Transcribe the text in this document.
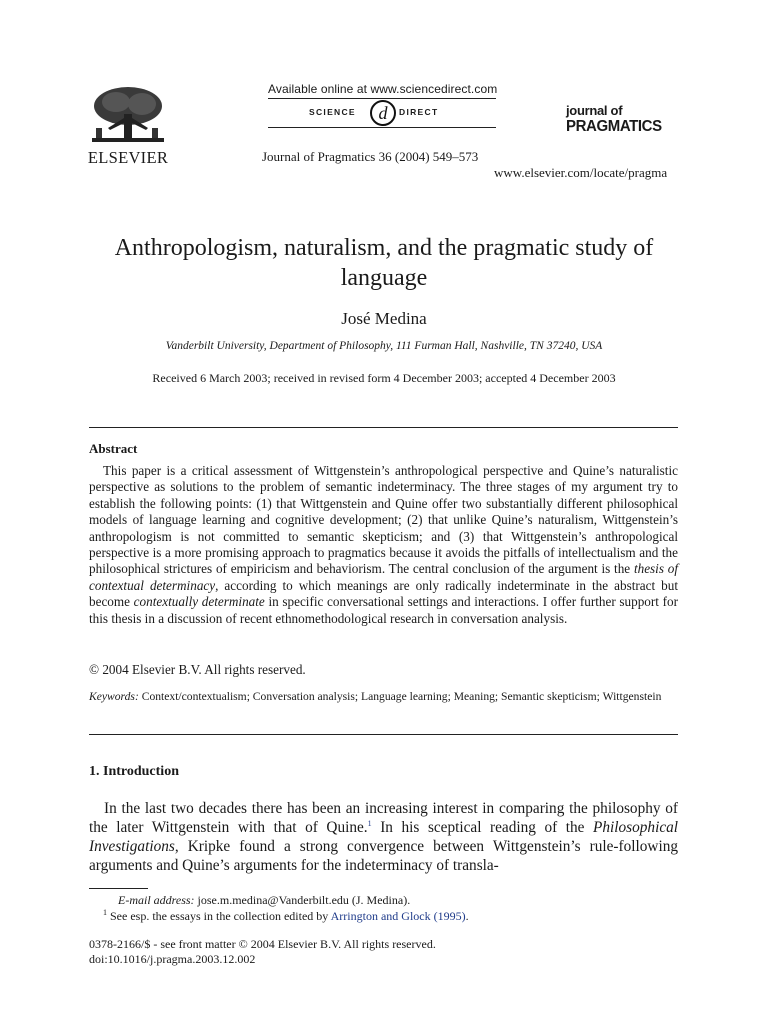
ELSEVIER
Available online at www.sciencedirect.com
SCIENCE d DIRECT
Journal of Pragmatics 36 (2004) 549–573
www.elsevier.com/locate/pragma
journal of
PRAGMATICS
Anthropologism, naturalism, and the pragmatic study of language
José Medina
Vanderbilt University, Department of Philosophy, 111 Furman Hall, Nashville, TN 37240, USA
Received 6 March 2003; received in revised form 4 December 2003; accepted 4 December 2003
Abstract

This paper is a critical assessment of Wittgenstein’s anthropological perspective and Quine’s naturalistic perspective as solutions to the problem of semantic indeterminacy. The three stages of my argument try to establish the following points: (1) that Wittgenstein and Quine offer two substantially different philosophical models of language learning and cognitive development; (2) that unlike Quine’s naturalism, Wittgenstein’s anthropologism is not committed to semantic skepticism; and (3) that Wittgenstein’s anthropological perspective is a more promising approach to pragmatics because it avoids the pitfalls of intellectualism and the philosophical strictures of empiricism and behaviorism. The central conclusion of the argument is the thesis of contextual determinacy, according to which meanings are only radically indeterminate in the abstract but become contextually determinate in specific conversational settings and interactions. I offer further support for this thesis in a discussion of recent ethnomethodological research in conversation analysis.

© 2004 Elsevier B.V. All rights reserved.
Keywords: Context/contextualism; Conversation analysis; Language learning; Meaning; Semantic skepticism; Wittgenstein
1. Introduction

In the last two decades there has been an increasing interest in comparing the philosophy of the later Wittgenstein with that of Quine.$^1$ In his sceptical reading of the Philosophical Investigations, Kripke found a strong convergence between Wittgenstein’s rule-following arguments and Quine’s arguments for the indeterminacy of transla-

E-mail address: jose.m.medina@Vanderbilt.edu (J. Medina).
$^1$ See esp. the essays in the collection edited by Arrington and Glock (1995).
0378-2166/$ - see front matter © 2004 Elsevier B.V. All rights reserved.
doi:10.1016/j.pragma.2003.12.002
